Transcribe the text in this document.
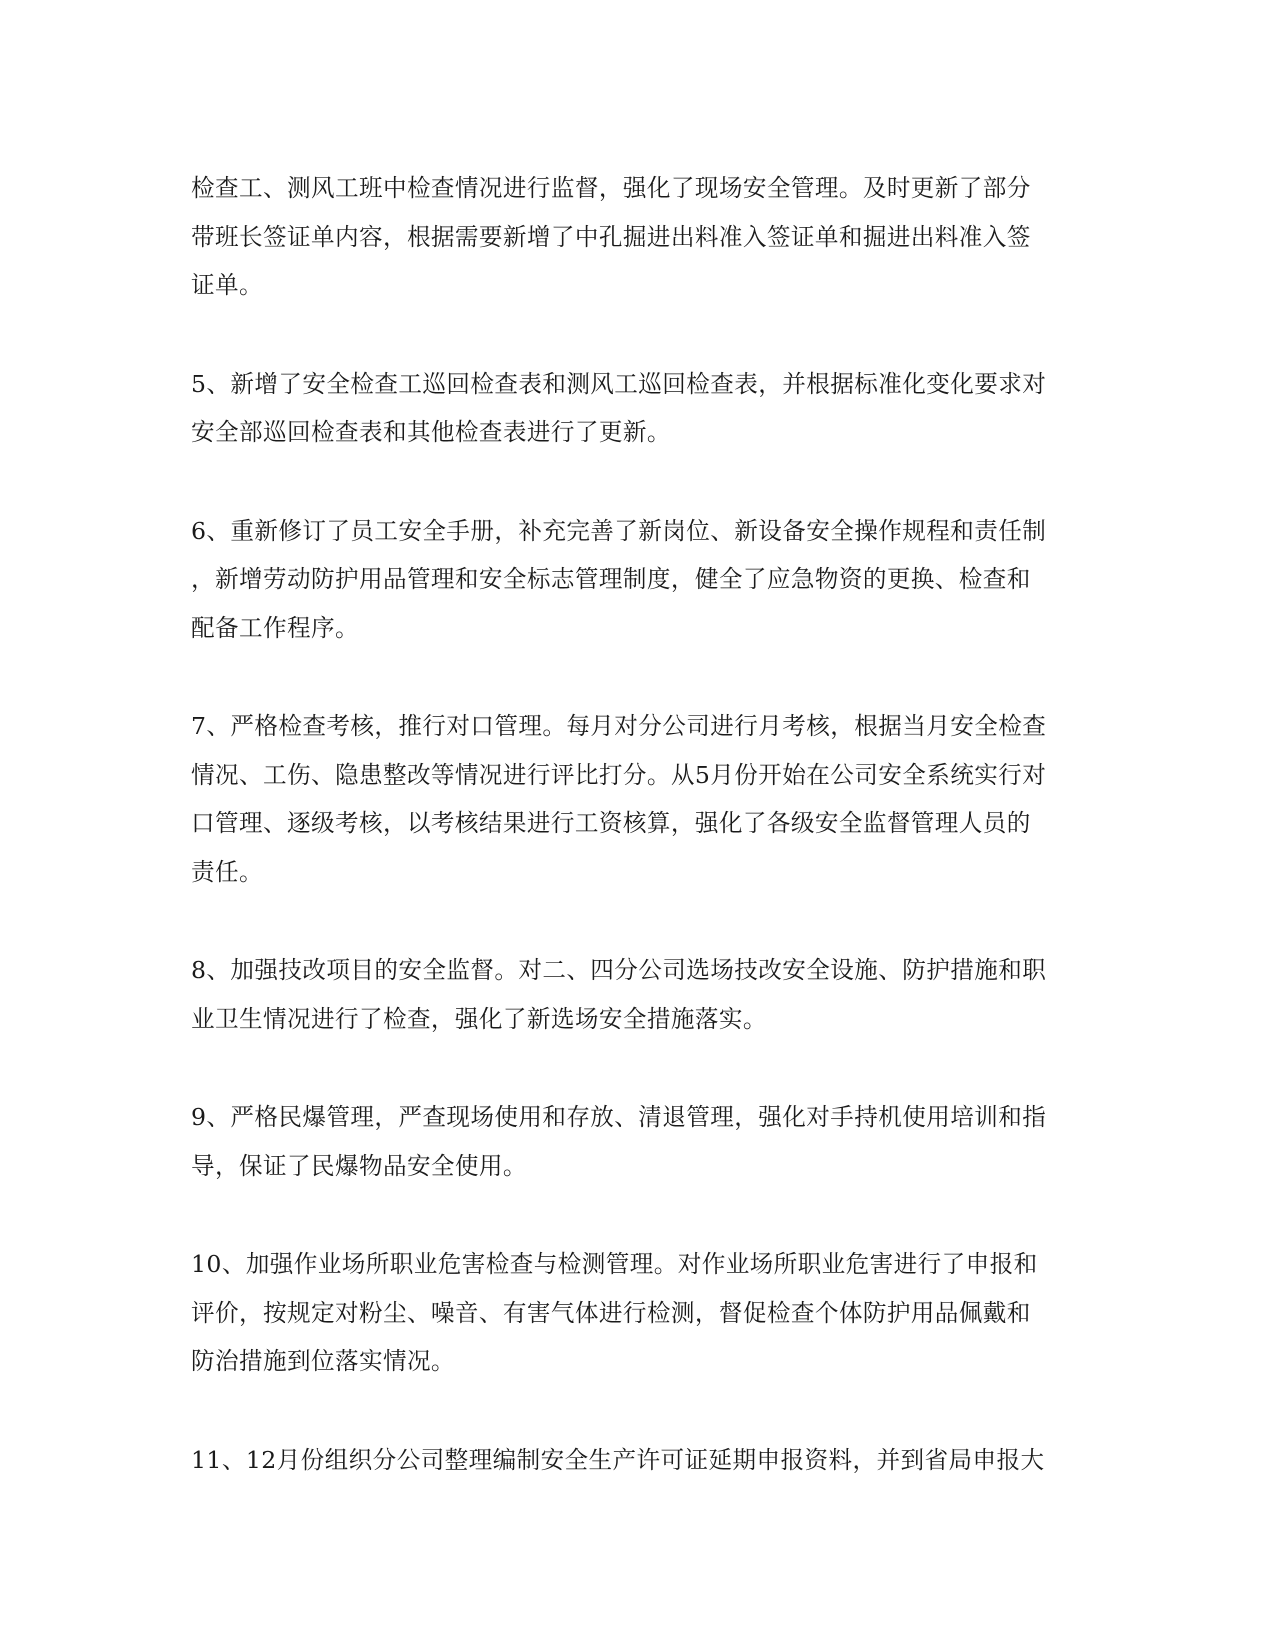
检查工、测风工班中检查情况进行监督，强化了现场安全管理。及时更新了部分
带班长签证单内容，根据需要新增了中孔掘进出料准入签证单和掘进出料准入签
证单。

5、新增了安全检查工巡回检查表和测风工巡回检查表，并根据标准化变化要求对
安全部巡回检查表和其他检查表进行了更新。

6、重新修订了员工安全手册，补充完善了新岗位、新设备安全操作规程和责任制
，新增劳动防护用品管理和安全标志管理制度，健全了应急物资的更换、检查和
配备工作程序。

7、严格检查考核，推行对口管理。每月对分公司进行月考核，根据当月安全检查
情况、工伤、隐患整改等情况进行评比打分。从5月份开始在公司安全系统实行对
口管理、逐级考核，以考核结果进行工资核算，强化了各级安全监督管理人员的
责任。

8、加强技改项目的安全监督。对二、四分公司选场技改安全设施、防护措施和职
业卫生情况进行了检查，强化了新选场安全措施落实。

9、严格民爆管理，严查现场使用和存放、清退管理，强化对手持机使用培训和指
导，保证了民爆物品安全使用。

10、加强作业场所职业危害检查与检测管理。对作业场所职业危害进行了申报和
评价，按规定对粉尘、噪音、有害气体进行检测，督促检查个体防护用品佩戴和
防治措施到位落实情况。

11、12月份组织分公司整理编制安全生产许可证延期申报资料，并到省局申报大
